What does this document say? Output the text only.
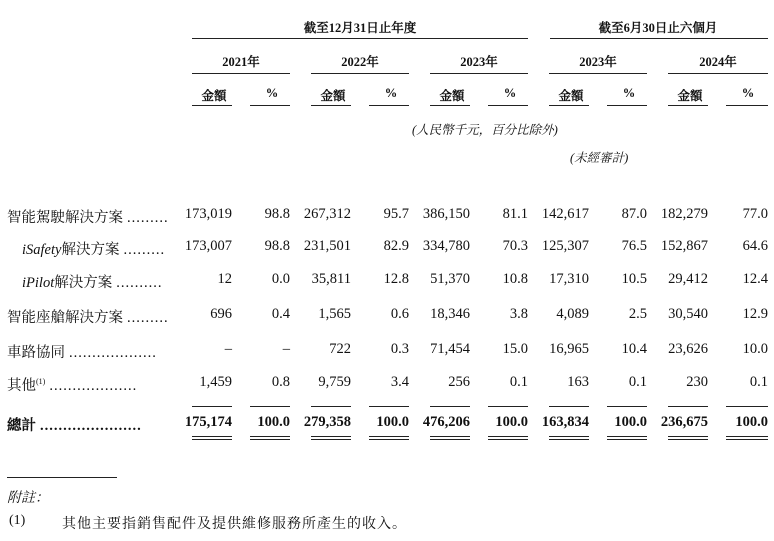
截至12月31日止年度	截至6月30日止六個月
2021年	2022年	2023年	2023年	2024年
金額	%	金額	%	金額	%	金額	%	金額	%
(人民幣千元，百分比除外)
(未經審計)
智能駕駛解決方案 .........	173,019	98.8 267,312	95.7 386,150	81.1 142,617	87.0 182,279	77.0
iSafety解決方案 .........	173,007	98.8 231,501	82.9 334,780	70.3 125,307	76.5 152,867	64.6
iPilot解決方案 ..........	12	0.0	35,811	12.8	51,370	10.8	17,310	10.5	29,412	12.4
智能座艙解決方案 .........	696	0.4	1,565	0.6	18,346	3.8	4,089	2.5	30,540	12.9
車路協同 ...................	–	–	722	0.3	71,454	15.0	16,965	10.4	23,626	10.0
其他$^{(1)}$ ...................	1,459	0.8	9,759	3.4	256	0.1	163	0.1	230	0.1
總計 ......................	175,174	100.0 279,358	100.0 476,206	100.0 163,834	100.0 236,675	100.0
附註：
(1)	其他主要指銷售配件及提供維修服務所產生的收入。
